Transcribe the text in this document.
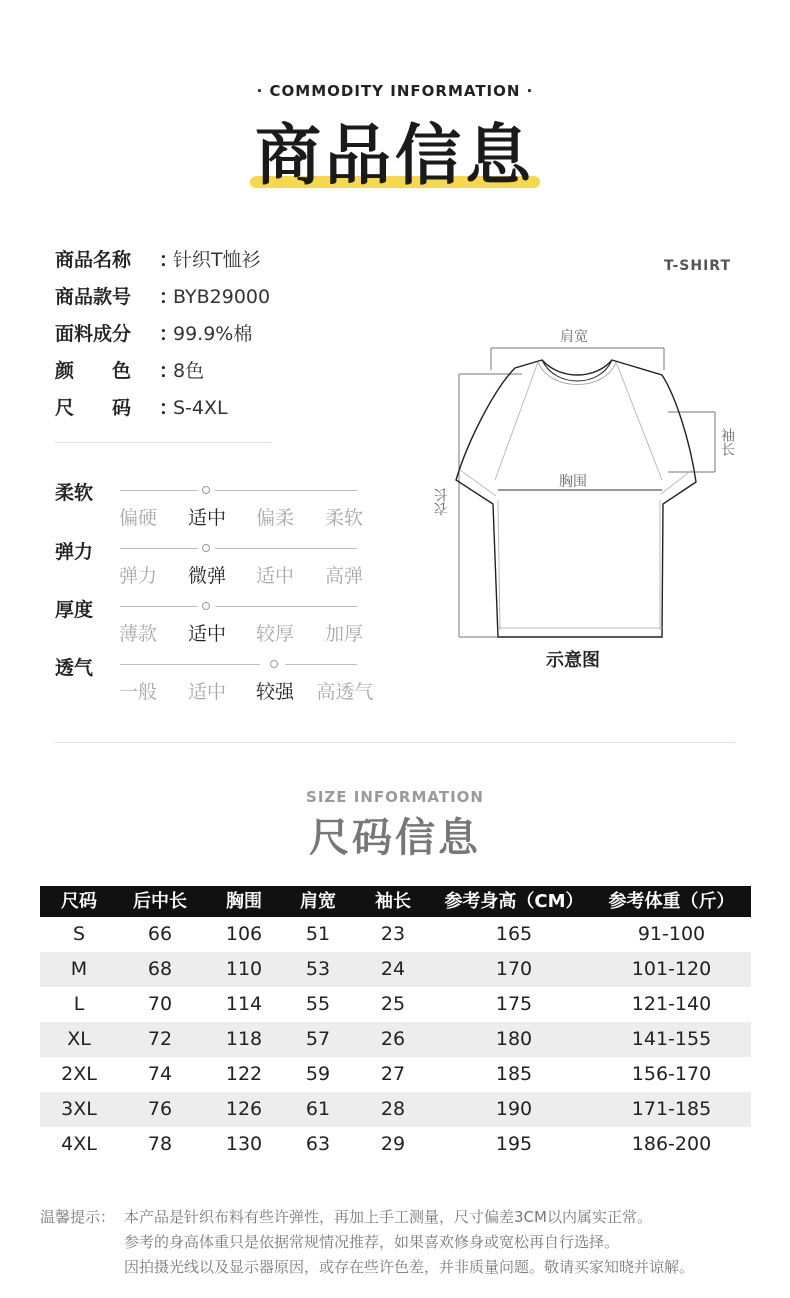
· COMMODITY INFORMATION ·
商品信息
商品名称 ：针织T恤衫
商品款号 ：BYB29000
面料成分 ：99.9%棉
颜　　色 ：8色
尺　　码 ：S-4XL
柔软
偏硬	适中	偏柔	柔软
弹力
弹力	微弹	适中	高弹
厚度
薄款	适中	较厚	加厚
透气
一般	适中	较强	高透气
T-SHIRT
肩宽
袖长
胸围
衣长
示意图
SIZE INFORMATION
尺码信息
尺码	后中长	胸围	肩宽	袖长	参考身高（CM）	参考体重（斤）
S	66	106	51	23	165	91-100
M	68	110	53	24	170	101-120
L	70	114	55	25	175	121-140
XL	72	118	57	26	180	141-155
2XL	74	122	59	27	185	156-170
3XL	76	126	61	28	190	171-185
4XL	78	130	63	29	195	186-200
温馨提示： 本产品是针织布料有些许弹性，再加上手工测量，尺寸偏差3CM以内属实正常。
参考的身高体重只是依据常规情况推荐，如果喜欢修身或宽松再自行选择。
因拍摄光线以及显示器原因，或存在些许色差，并非质量问题。敬请买家知晓并谅解。
